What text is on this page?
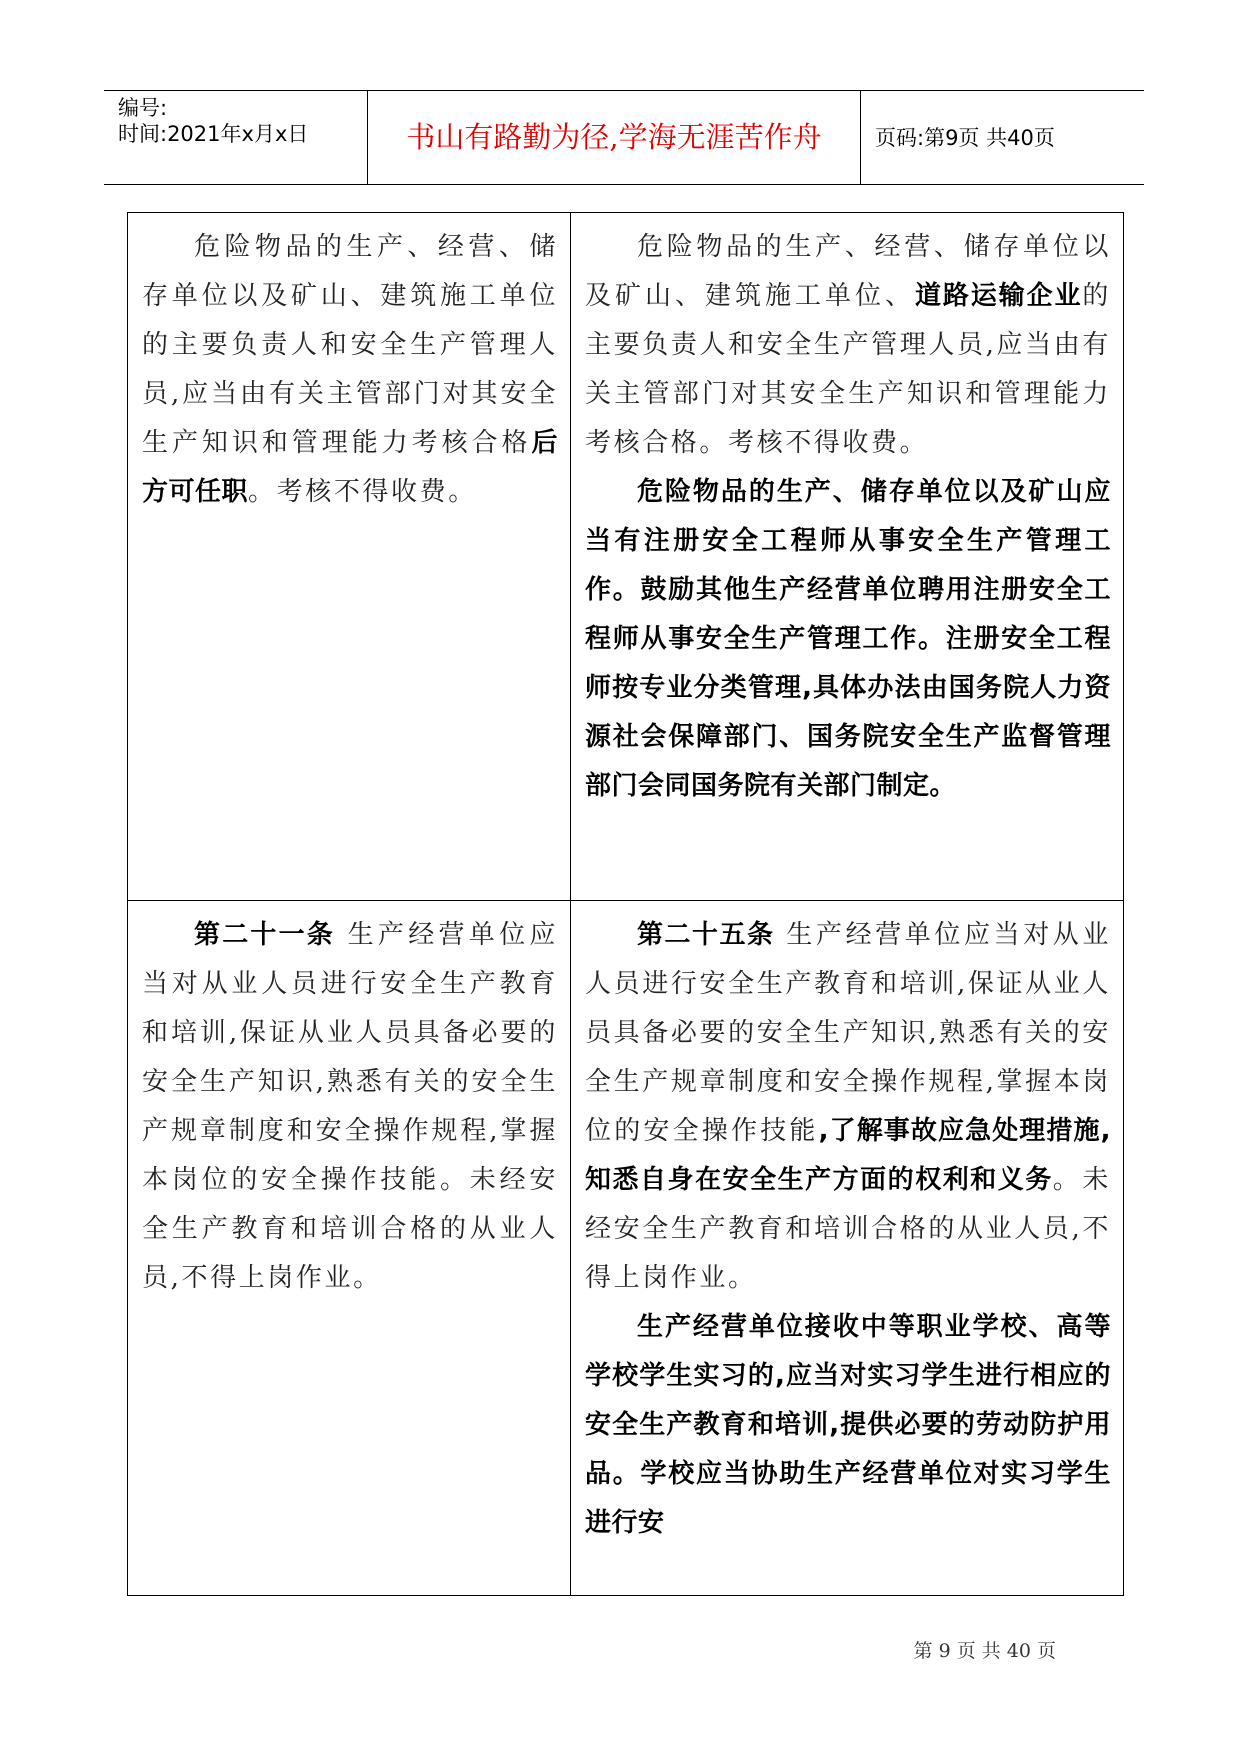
编号:
时间:2021年x月x日	书山有路勤为径,学海无涯苦作舟	页码:第9页 共40页

危险物品的生产、经营、储存单位以及矿山、建筑施工单位的主要负责人和安全生产管理人员,应当由有关主管部门对其安全生产知识和管理能力考核合格后方可任职。考核不得收费。	危险物品的生产、经营、储存单位以及矿山、建筑施工单位、道路运输企业的主要负责人和安全生产管理人员,应当由有关主管部门对其安全生产知识和管理能力考核合格。考核不得收费。

危险物品的生产、储存单位以及矿山应当有注册安全工程师从事安全生产管理工作。鼓励其他生产经营单位聘用注册安全工程师从事安全生产管理工作。注册安全工程师按专业分类管理,具体办法由国务院人力资源社会保障部门、国务院安全生产监督管理部门会同国务院有关部门制定。

第二十一条 生产经营单位应当对从业人员进行安全生产教育和培训,保证从业人员具备必要的安全生产知识,熟悉有关的安全生产规章制度和安全操作规程,掌握本岗位的安全操作技能。未经安全生产教育和培训合格的从业人员,不得上岗作业。	第二十五条 生产经营单位应当对从业人员进行安全生产教育和培训,保证从业人员具备必要的安全生产知识,熟悉有关的安全生产规章制度和安全操作规程,掌握本岗位的安全操作技能,了解事故应急处理措施,知悉自身在安全生产方面的权利和义务。未经安全生产教育和培训合格的从业人员,不得上岗作业。

生产经营单位接收中等职业学校、高等学校学生实习的,应当对实习学生进行相应的安全生产教育和培训,提供必要的劳动防护用品。学校应当协助生产经营单位对实习学生进行安

第 9 页 共 40 页
